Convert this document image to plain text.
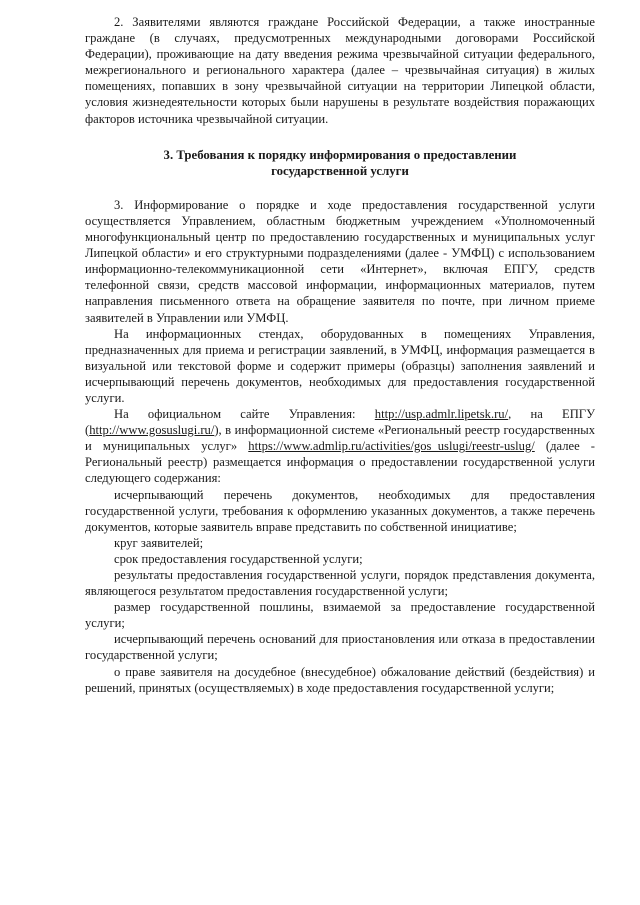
2. Заявителями являются граждане Российской Федерации, а также иностранные граждане (в случаях, предусмотренных международными договорами Российской Федерации), проживающие на дату введения режима чрезвычайной ситуации федерального, межрегионального и регионального характера (далее – чрезвычайная ситуация) в жилых помещениях, попавших в зону чрезвычайной ситуации на территории Липецкой области, условия жизнедеятельности которых были нарушены в результате воздействия поражающих факторов источника чрезвычайной ситуации.

3. Требования к порядку информирования о предоставлении государственной услуги

3. Информирование о порядке и ходе предоставления государственной услуги осуществляется Управлением, областным бюджетным учреждением «Уполномоченный многофункциональный центр по предоставлению государственных и муниципальных услуг Липецкой области» и его структурными подразделениями (далее - УМФЦ) с использованием информационно-телекоммуникационной сети «Интернет», включая ЕПГУ, средств телефонной связи, средств массовой информации, информационных материалов, путем направления письменного ответа на обращение заявителя по почте, при личном приеме заявителей в Управлении или УМФЦ.

На информационных стендах, оборудованных в помещениях Управления, предназначенных для приема и регистрации заявлений, в УМФЦ, информация размещается в визуальной или текстовой форме и содержит примеры (образцы) заполнения заявлений и исчерпывающий перечень документов, необходимых для предоставления государственной услуги.

На официальном сайте Управления: http://usp.admlr.lipetsk.ru/, на ЕПГУ (http://www.gosuslugi.ru/), в информационной системе «Региональный реестр государственных и муниципальных услуг» https://www.admlip.ru/activities/gos_uslugi/reestr-uslug/ (далее - Региональный реестр) размещается информация о предоставлении государственной услуги следующего содержания:

исчерпывающий перечень документов, необходимых для предоставления государственной услуги, требования к оформлению указанных документов, а также перечень документов, которые заявитель вправе представить по собственной инициативе;

круг заявителей;

срок предоставления государственной услуги;

результаты предоставления государственной услуги, порядок представления документа, являющегося результатом предоставления государственной услуги;

размер государственной пошлины, взимаемой за предоставление государственной услуги;

исчерпывающий перечень оснований для приостановления или отказа в предоставлении государственной услуги;

о праве заявителя на досудебное (внесудебное) обжалование действий (бездействия) и решений, принятых (осуществляемых) в ходе предоставления государственной услуги;
